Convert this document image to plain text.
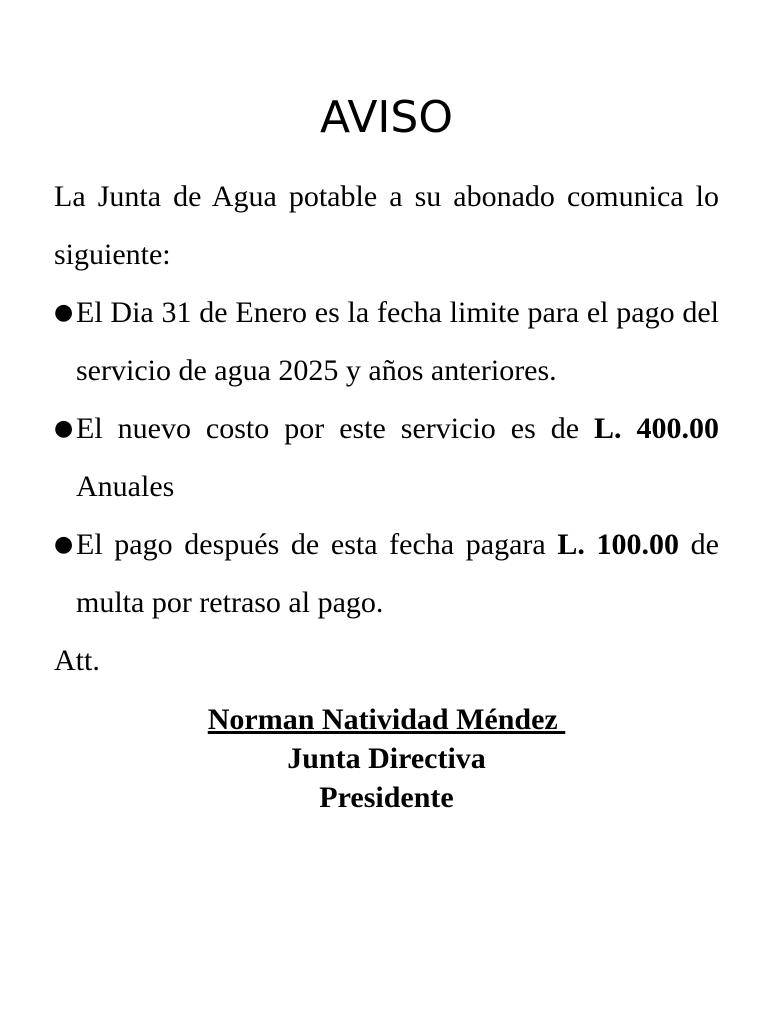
AVISO

La Junta de Agua potable a su abonado comunica lo siguiente:

● El Dia 31 de Enero es la fecha limite para el pago del servicio de agua 2025 y años anteriores.
● El nuevo costo por este servicio es de L. 400.00 Anuales
● El pago después de esta fecha pagara L. 100.00 de multa por retraso al pago.

Att.

Norman Natividad Méndez
Junta Directiva
Presidente
